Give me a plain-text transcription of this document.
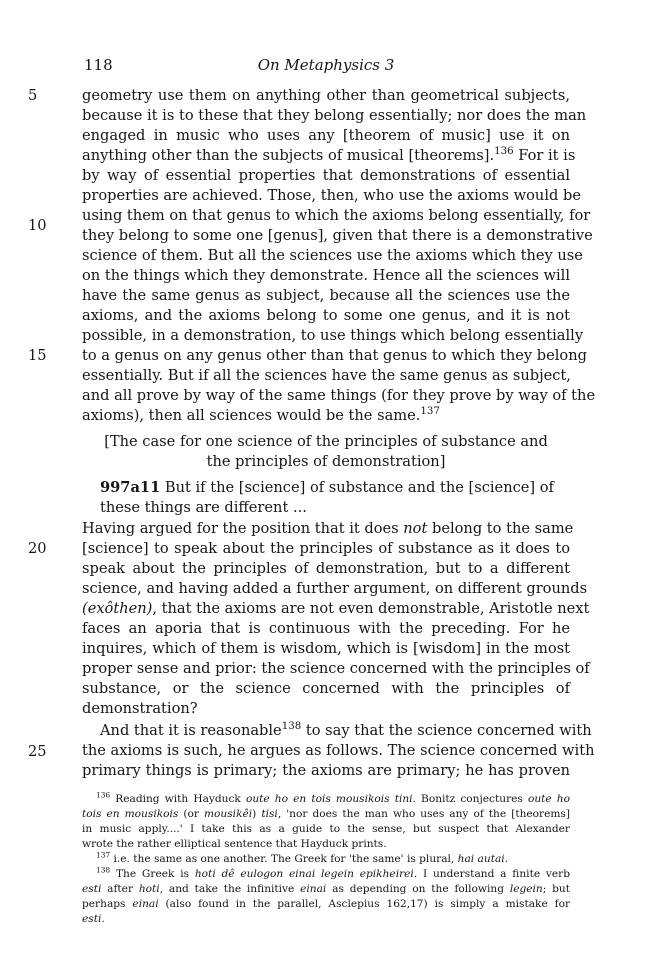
118	On Metaphysics 3
5
10
15
20
25
geometry use them on anything other than geometrical subjects,
because it is to these that they belong essentially; nor does the man
engaged in music who uses any [theorem of music] use it on
anything other than the subjects of musical [theorems].$^{136}$ For it is
by way of essential properties that demonstrations of essential
properties are achieved. Those, then, who use the axioms would be
using them on that genus to which the axioms belong essentially, for
they belong to some one [genus], given that there is a demonstrative
science of them. But all the sciences use the axioms which they use
on the things which they demonstrate. Hence all the sciences will
have the same genus as subject, because all the sciences use the
axioms, and the axioms belong to some one genus, and it is not
possible, in a demonstration, to use things which belong essentially
to a genus on any genus other than that genus to which they belong
essentially. But if all the sciences have the same genus as subject,
and all prove by way of the same things (for they prove by way of the
axioms), then all sciences would be the same.$^{137}$
[The case for one science of the principles of substance and
the principles of demonstration]
997a11 But if the [science] of substance and the [science] of
these things are different ...
Having argued for the position that it does not belong to the same
[science] to speak about the principles of substance as it does to
speak about the principles of demonstration, but to a different
science, and having added a further argument, on different grounds
(exôthen), that the axioms are not even demonstrable, Aristotle next
faces an aporia that is continuous with the preceding. For he
inquires, which of them is wisdom, which is [wisdom] in the most
proper sense and prior: the science concerned with the principles of
substance, or the science concerned with the principles of
demonstration?
And that it is reasonable$^{138}$ to say that the science concerned with
the axioms is such, he argues as follows. The science concerned with
primary things is primary; the axioms are primary; he has proven
$^{136}$ Reading with Hayduck oute ho en tois mousikois tini. Bonitz conjectures oute ho
tois en mousikois (or mousikêi) tisi, 'nor does the man who uses any of the [theorems]
in music apply....' I take this as a guide to the sense, but suspect that Alexander
wrote the rather elliptical sentence that Hayduck prints.
$^{137}$ i.e. the same as one another. The Greek for 'the same' is plural, hai autai.
$^{138}$ The Greek is hoti dê eulogon einai legein epikheirei. I understand a finite verb
esti after hoti, and take the infinitive einai as depending on the following legein; but
perhaps einai (also found in the parallel, Asclepius 162,17) is simply a mistake for
esti.
